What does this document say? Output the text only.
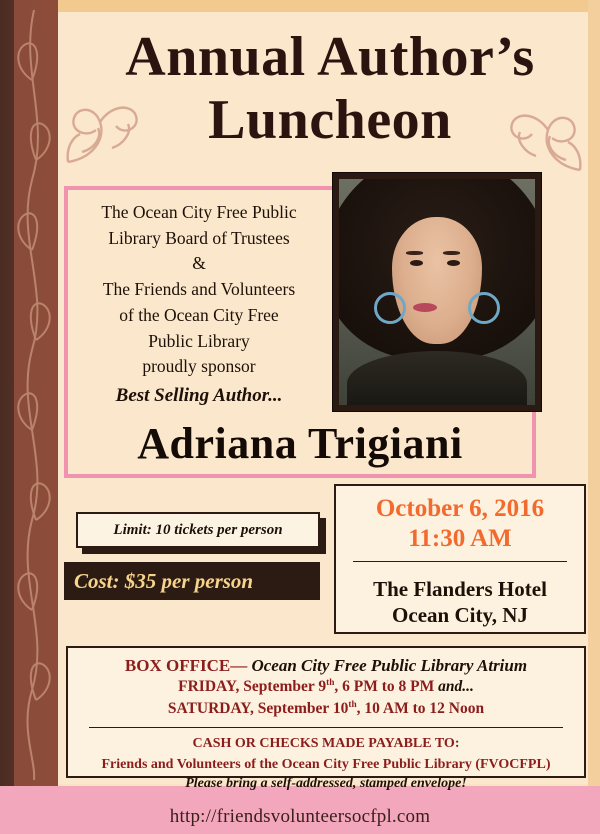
Annual Author’s
Luncheon
The Ocean City Free Public
Library Board of Trustees
&
The Friends and Volunteers
of the Ocean City Free
Public Library
proudly sponsor
Best Selling Author...
Adriana Trigiani
Limit: 10 tickets per person
Cost: $35 per person
October 6, 2016
11:30 AM
The Flanders Hotel
Ocean City, NJ
BOX OFFICE— Ocean City Free Public Library Atrium
FRIDAY, September 9th, 6 PM to 8 PM and...
SATURDAY, September 10th, 10 AM to 12 Noon
CASH OR CHECKS MADE PAYABLE TO:
Friends and Volunteers of the Ocean City Free Public Library (FVOCFPL)
Please bring a self-addressed, stamped envelope!
http://friendsvolunteersocfpl.com
